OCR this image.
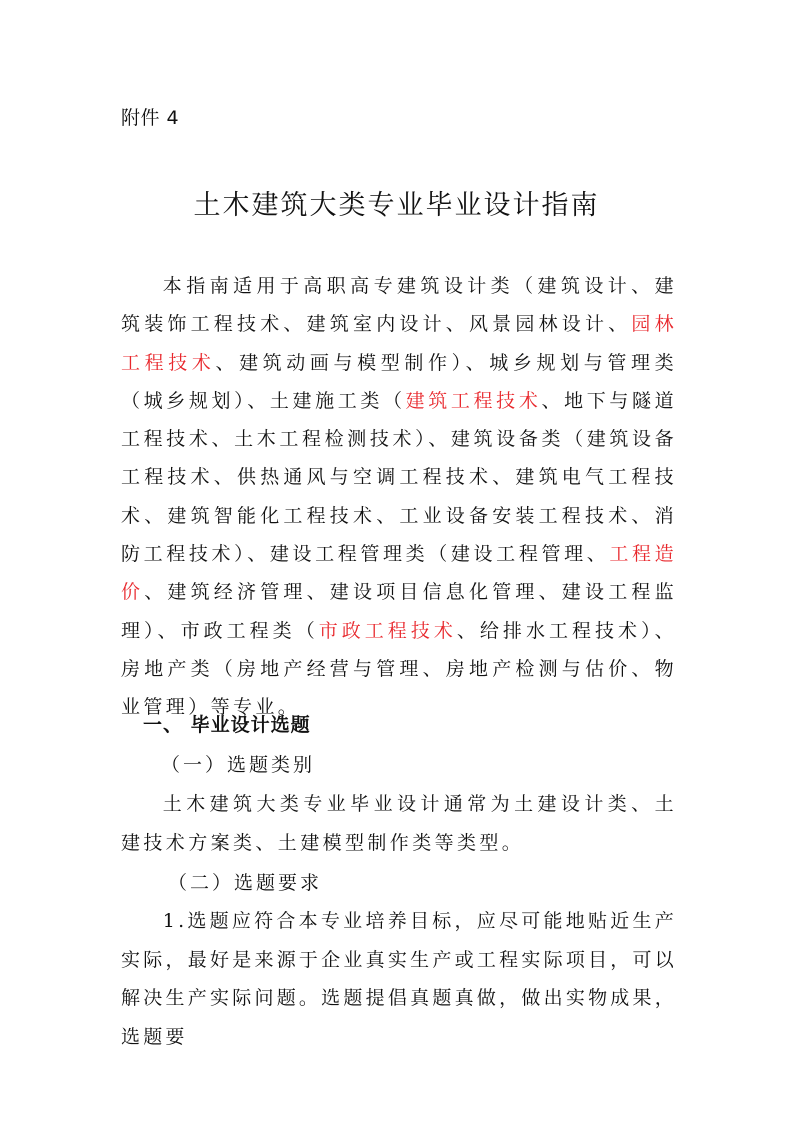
附件 4
土木建筑大类专业毕业设计指南
本指南适用于高职高专建筑设计类（建筑设计、建筑装饰工程技术、建筑室内设计、风景园林设计、园林工程技术、建筑动画与模型制作）、城乡规划与管理类（城乡规划）、土建施工类（建筑工程技术、地下与隧道工程技术、土木工程检测技术）、建筑设备类（建筑设备工程技术、供热通风与空调工程技术、建筑电气工程技术、建筑智能化工程技术、工业设备安装工程技术、消防工程技术）、建设工程管理类（建设工程管理、工程造价、建筑经济管理、建设项目信息化管理、建设工程监理）、市政工程类（市政工程技术、给排水工程技术）、房地产类（房地产经营与管理、房地产检测与估价、物业管理）等专业。
一、 毕业设计选题
（一）选题类别
土木建筑大类专业毕业设计通常为土建设计类、土建技术方案类、土建模型制作类等类型。
（二）选题要求
1.选题应符合本专业培养目标，应尽可能地贴近生产实际，最好是来源于企业真实生产或工程实际项目，可以解决生产实际问题。选题提倡真题真做，做出实物成果，选题要
